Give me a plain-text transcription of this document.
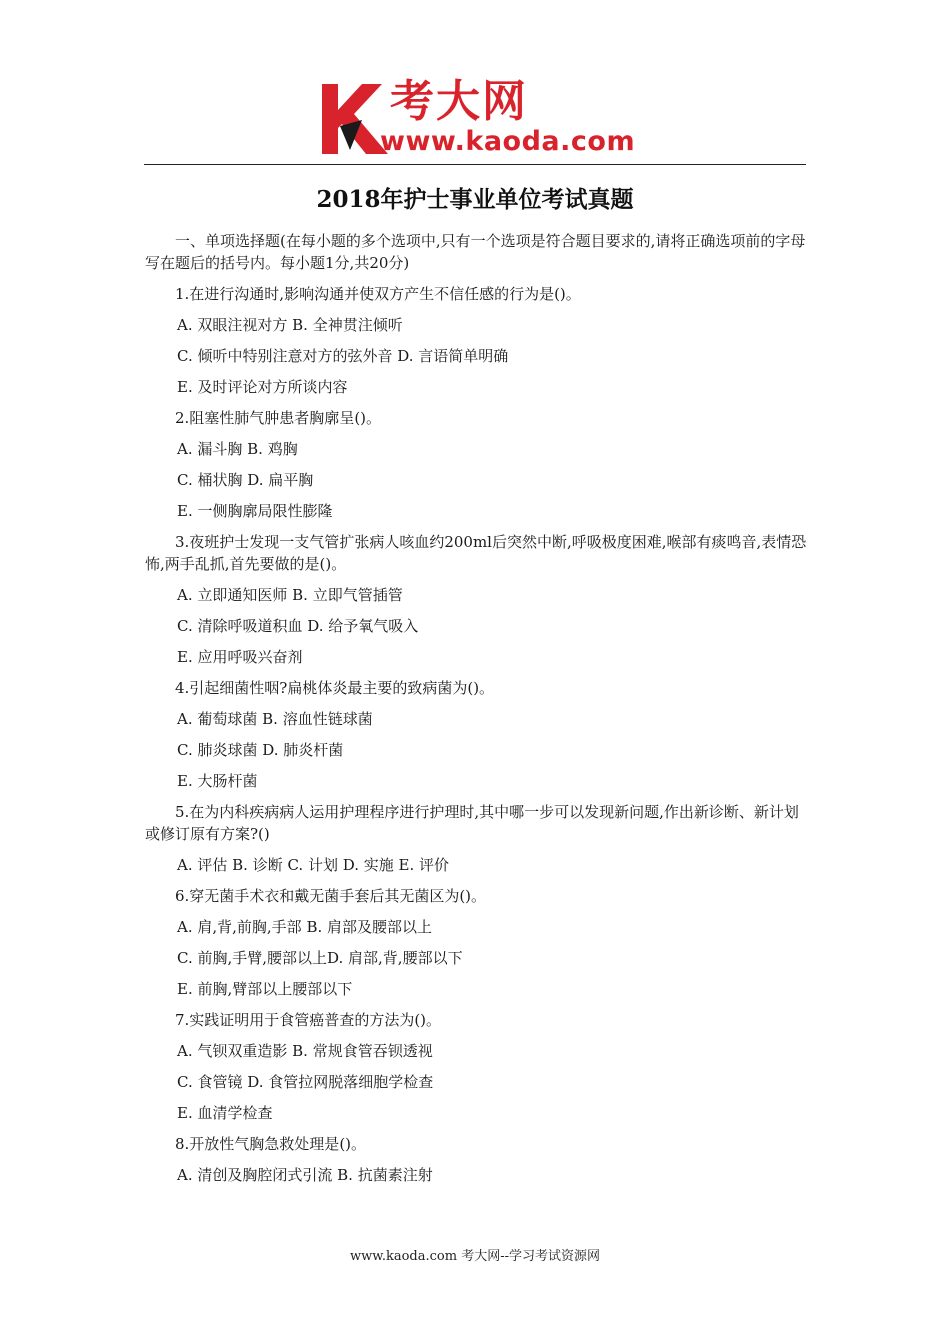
考大网
www.kaoda.com
2018年护士事业单位考试真题

一、单项选择题(在每小题的多个选项中,只有一个选项是符合题目要求的,请将正确选项前的字母写在题后的括号内。每小题1分,共20分)

1.在进行沟通时,影响沟通并使双方产生不信任感的行为是()。

A. 双眼注视对方 B. 全神贯注倾听

C. 倾听中特别注意对方的弦外音 D. 言语简单明确

E. 及时评论对方所谈内容

2.阻塞性肺气肿患者胸廓呈()。

A. 漏斗胸 B. 鸡胸

C. 桶状胸 D. 扁平胸

E. 一侧胸廓局限性膨隆

3.夜班护士发现一支气管扩张病人咳血约200ml后突然中断,呼吸极度困难,喉部有痰鸣音,表情恐怖,两手乱抓,首先要做的是()。

A. 立即通知医师 B. 立即气管插管

C. 清除呼吸道积血 D. 给予氧气吸入

E. 应用呼吸兴奋剂

4.引起细菌性咽?扁桃体炎最主要的致病菌为()。

A. 葡萄球菌 B. 溶血性链球菌

C. 肺炎球菌 D. 肺炎杆菌

E. 大肠杆菌

5.在为内科疾病病人运用护理程序进行护理时,其中哪一步可以发现新问题,作出新诊断、新计划或修订原有方案?()

A. 评估 B. 诊断 C. 计划 D. 实施 E. 评价

6.穿无菌手术衣和戴无菌手套后其无菌区为()。

A. 肩,背,前胸,手部 B. 肩部及腰部以上

C. 前胸,手臂,腰部以上D. 肩部,背,腰部以下

E. 前胸,臂部以上腰部以下

7.实践证明用于食管癌普查的方法为()。

A. 气钡双重造影 B. 常规食管吞钡透视

C. 食管镜 D. 食管拉网脱落细胞学检查

E. 血清学检查

8.开放性气胸急救处理是()。

A. 清创及胸腔闭式引流 B. 抗菌素注射

www.kaoda.com 考大网--学习考试资源网
